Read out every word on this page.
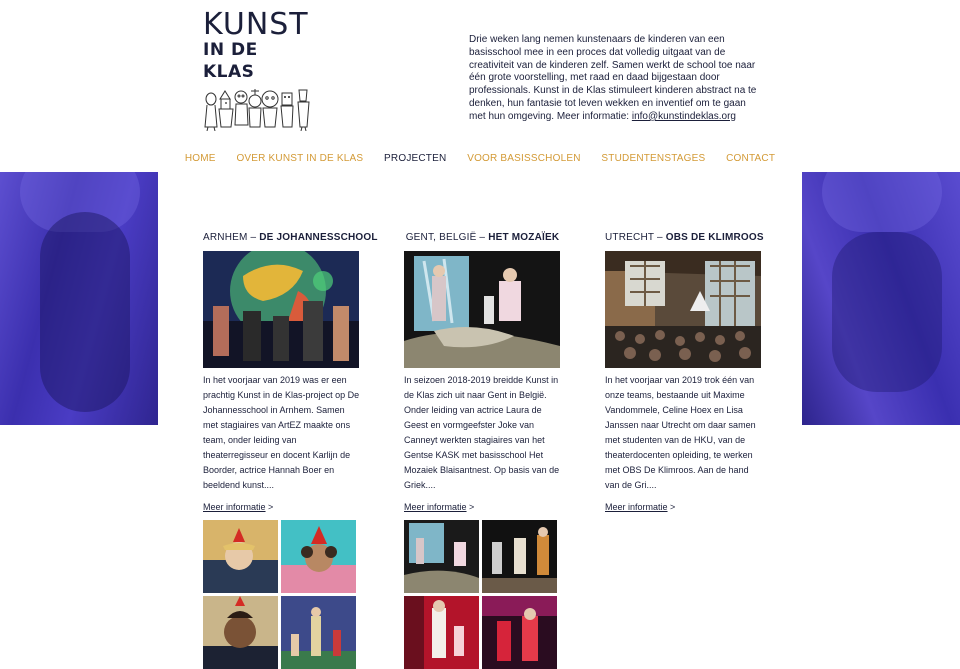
KUNST
IN DE KLAS
Drie weken lang nemen kunstenaars de kinderen van een basisschool mee in een proces dat volledig uitgaat van de creativiteit van de kinderen zelf. Samen werkt de school toe naar één grote voorstelling, met raad en daad bijgestaan door professionals. Kunst in de Klas stimuleert kinderen abstract na te denken, hun fantasie tot leven wekken en inventief om te gaan met hun omgeving. Meer informatie: info@kunstindeklas.org
HOME OVER KUNST IN DE KLAS PROJECTEN VOOR BASISSCHOLEN STUDENTENSTAGES CONTACT
ARNHEM – DE JOHANNESSCHOOL

In het voorjaar van 2019 was er een prachtig Kunst in de Klas-project op De Johannesschool in Arnhem. Samen met stagiaires van ArtEZ maakte ons team, onder leiding van theaterregisseur en docent Karlijn de Boorder, actrice Hannah Boer en beeldend kunst....

Meer informatie >
GENT, BELGIË – HET MOZAÏEK

In seizoen 2018-2019 breidde Kunst in de Klas zich uit naar Gent in België. Onder leiding van actrice Laura de Geest en vormgeefster Joke van Canneyt werkten stagiaires van het Gentse KASK met basisschool Het Mozaiek Blaisantnest. Op basis van de Griek....

Meer informatie >
UTRECHT – OBS DE KLIMROOS

In het voorjaar van 2019 trok één van onze teams, bestaande uit Maxime Vandommele, Celine Hoex en Lisa Janssen naar Utrecht om daar samen met studenten van de HKU, van de theaterdocenten opleiding, te werken met OBS De Klimroos. Aan de hand van de Gri....

Meer informatie >
